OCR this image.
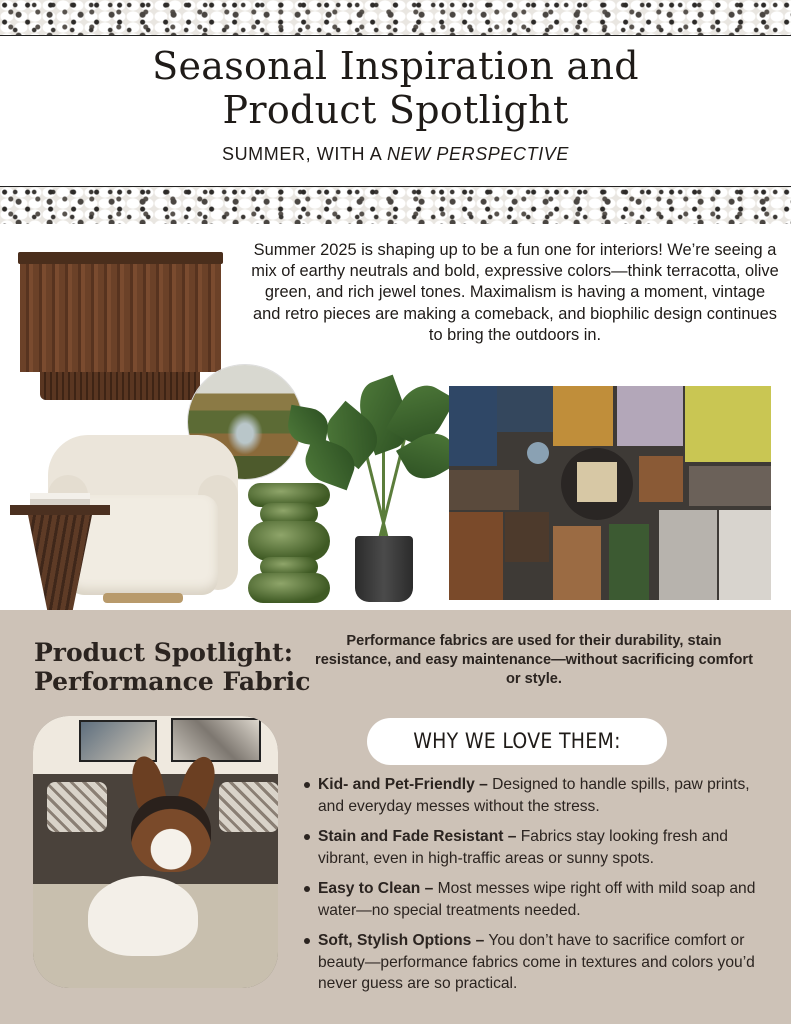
Seasonal Inspiration and
Product Spotlight
SUMMER, WITH A NEW PERSPECTIVE

Summer 2025 is shaping up to be a fun one for interiors! We’re seeing a mix of earthy neutrals and bold, expressive colors—think terracotta, olive green, and rich jewel tones. Maximalism is having a moment, vintage and retro pieces are making a comeback, and biophilic design continues to bring the outdoors in.

Product Spotlight:
Performance Fabric

Performance fabrics are used for their durability, stain resistance, and easy maintenance—without sacrificing comfort or style.

WHY WE LOVE THEM:
Kid- and Pet-Friendly – Designed to handle spills, paw prints, and everyday messes without the stress.
Stain and Fade Resistant – Fabrics stay looking fresh and vibrant, even in high-traffic areas or sunny spots.
Easy to Clean – Most messes wipe right off with mild soap and water—no special treatments needed.
Soft, Stylish Options – You don’t have to sacrifice comfort or beauty—performance fabrics come in textures and colors you’d never guess are so practical.
